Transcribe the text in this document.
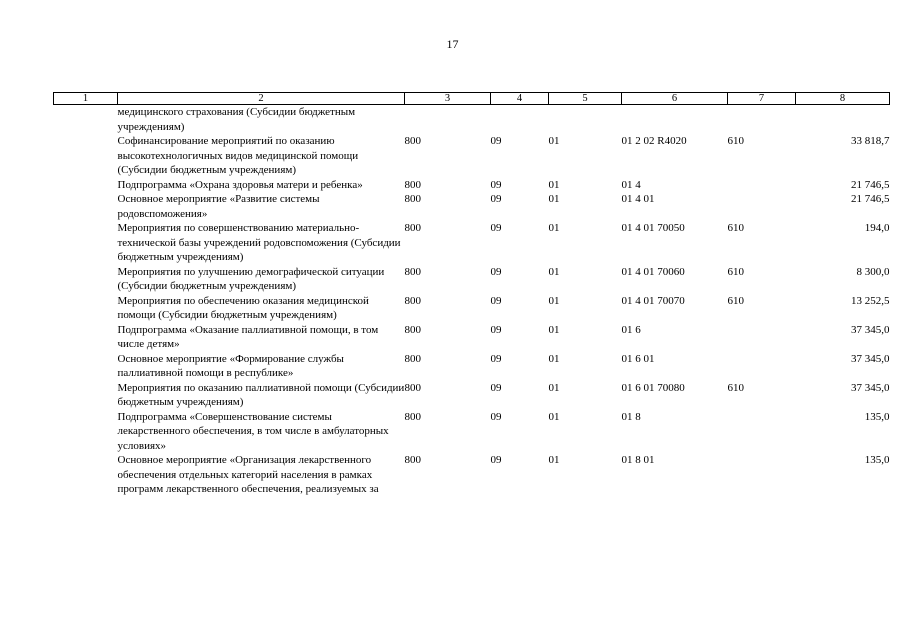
17
1	2	3	4	5	6	7	8
	медицинского страхования (Субсидии бюджетным учреждениям)						
	Софинансирование мероприятий по оказанию высокотехнологичных видов медицинской помощи (Субсидии бюджетным учреждениям)	800	09	01	01 2 02 R4020	610	33 818,7
	Подпрограмма «Охрана здоровья матери и ребенка»	800	09	01	01 4		21 746,5
	Основное мероприятие «Развитие системы родовспоможения»	800	09	01	01 4 01		21 746,5
	Мероприятия по совершенствованию материально-технической базы учреждений родовспоможения (Субсидии бюджетным учреждениям)	800	09	01	01 4 01 70050	610	194,0
	Мероприятия по улучшению демографической ситуации (Субсидии бюджетным учреждениям)	800	09	01	01 4 01 70060	610	8 300,0
	Мероприятия по обеспечению оказания медицинской помощи (Субсидии бюджетным учреждениям)	800	09	01	01 4 01 70070	610	13 252,5
	Подпрограмма «Оказание паллиативной помощи, в том числе детям»	800	09	01	01 6		37 345,0
	Основное мероприятие «Формирование службы паллиативной помощи в республике»	800	09	01	01 6 01		37 345,0
	Мероприятия по оказанию паллиативной помощи (Субсидии бюджетным учреждениям)	800	09	01	01 6 01 70080	610	37 345,0
	Подпрограмма «Совершенствование системы лекарственного обеспечения, в том числе в амбулаторных условиях»	800	09	01	01 8		135,0
	Основное мероприятие «Организация лекарственного обеспечения отдельных категорий населения в рамках программ лекарственного обеспечения, реализуемых за	800	09	01	01 8 01		135,0
